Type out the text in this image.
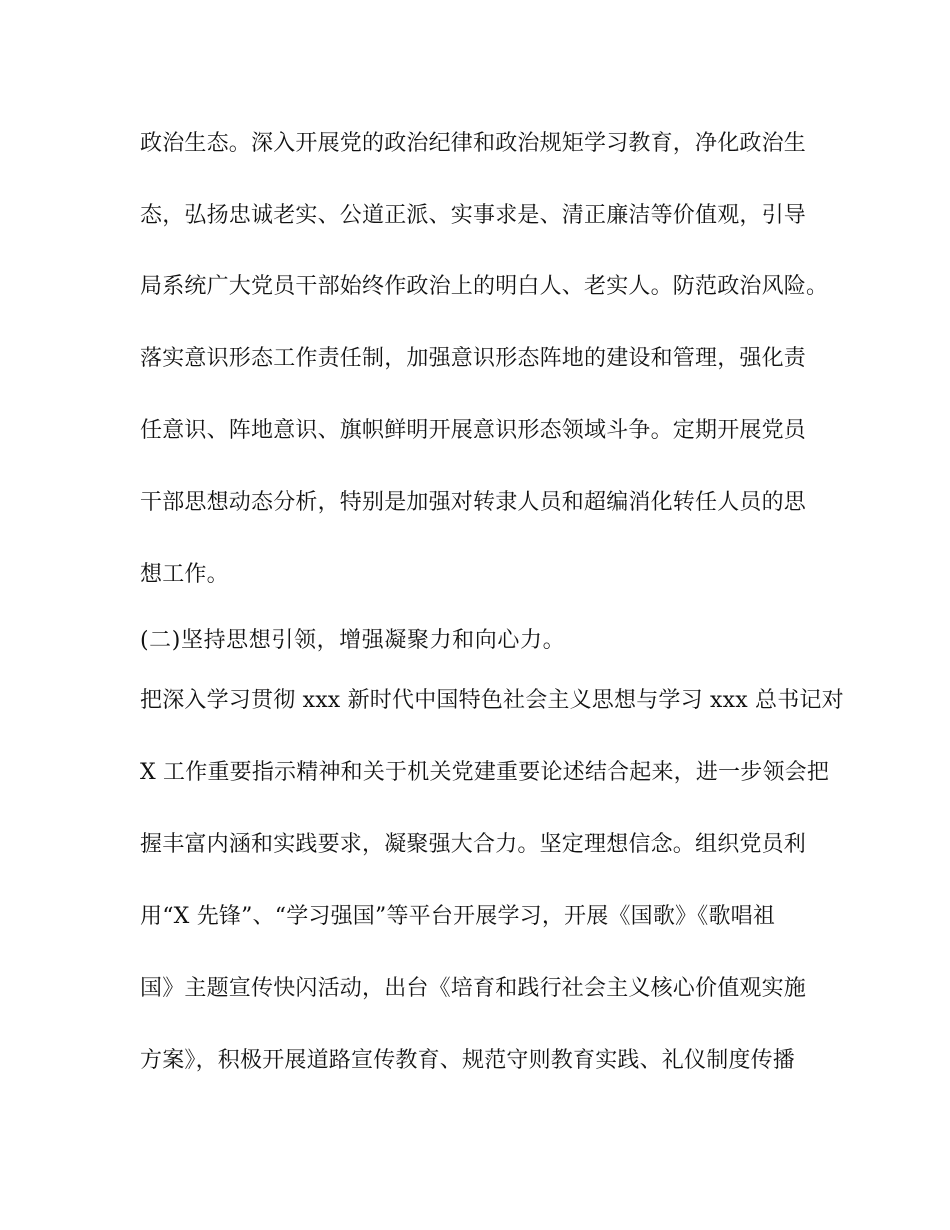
政治生态。深入开展党的政治纪律和政治规矩学习教育，净化政治生
态，弘扬忠诚老实、公道正派、实事求是、清正廉洁等价值观，引导
局系统广大党员干部始终作政治上的明白人、老实人。防范政治风险。
落实意识形态工作责任制，加强意识形态阵地的建设和管理，强化责
任意识、阵地意识、旗帜鲜明开展意识形态领域斗争。定期开展党员
干部思想动态分析，特别是加强对转隶人员和超编消化转任人员的思
想工作。
(二)坚持思想引领，增强凝聚力和向心力。
把深入学习贯彻 xxx 新时代中国特色社会主义思想与学习 xxx 总书记对
X 工作重要指示精神和关于机关党建重要论述结合起来，进一步领会把
握丰富内涵和实践要求，凝聚强大合力。坚定理想信念。组织党员利
用“X 先锋”、“学习强国”等平台开展学习，开展《国歌》《歌唱祖
国》主题宣传快闪活动，出台《培育和践行社会主义核心价值观实施
方案》，积极开展道路宣传教育、规范守则教育实践、礼仪制度传播
